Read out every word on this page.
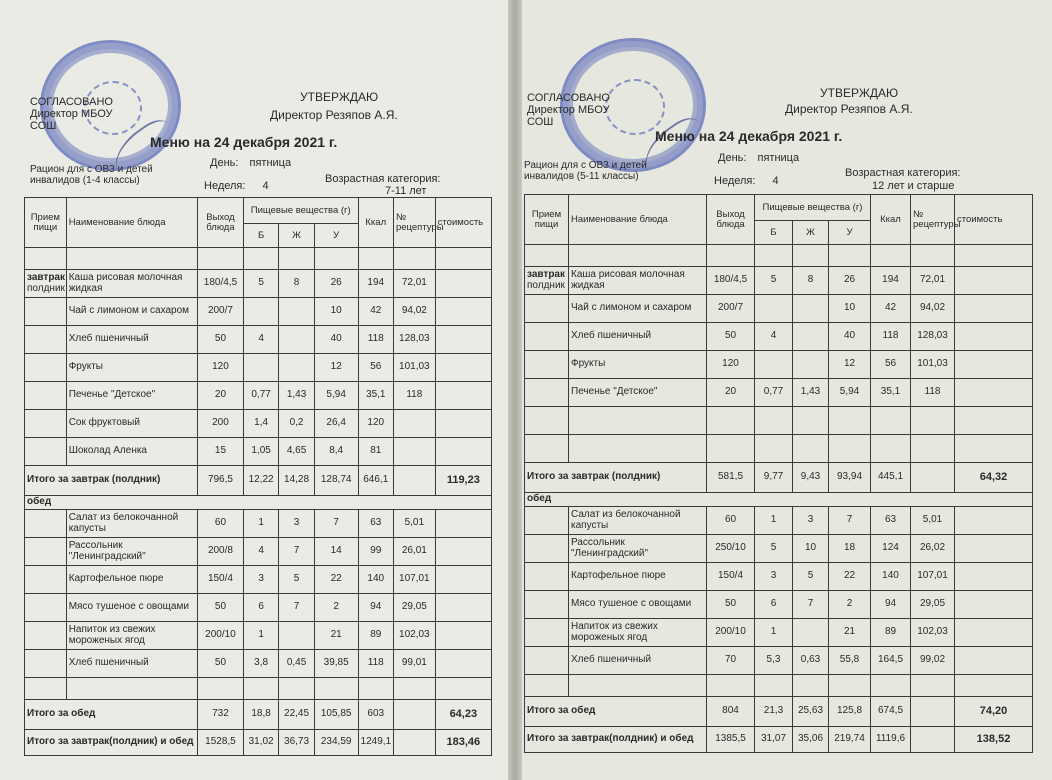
СОГЛАСОВАНО Директор МБОУ СОШ
УТВЕРЖДАЮ
Директор Резяпов А.Я.
Меню на 24 декабря 2021 г.
Рацион для с ОВЗ и детей инвалидов (1-4 классы)
День: пятница
Неделя: 4
Возрастная категория:
7-11 лет
Прием пищи	Наименование блюда	Выход блюда	Пищевые вещества (г)			Ккал	№ рецептуры	стоимость
			Б	Ж	У			

завтрак
полдник	Каша рисовая молочная жидкая	180/4,5	5	8	26	194	72,01	
	Чай с лимоном и сахаром	200/7			10	42	94,02	
	Хлеб пшеничный	50	4		40	118	128,03	
	Фрукты	120			12	56	101,03	
	Печенье "Детское"	20	0,77	1,43	5,94	35,1	118	
	Сок фруктовый	200	1,4	0,2	26,4	120		
	Шоколад Аленка	15	1,05	4,65	8,4	81		
Итого за завтрак (полдник)		796,5	12,22	14,28	128,74	646,1		119,23
обед								
	Салат из белокочанной капусты	60	1	3	7	63	5,01	
	Рассольник "Ленинградский"	200/8	4	7	14	99	26,01	
	Картофельное пюре	150/4	3	5	22	140	107,01	
	Мясо тушеное с овощами	50	6	7	2	94	29,05	
	Напиток из свежих мороженых ягод	200/10	1		21	89	102,03	
	Хлеб пшеничный	50	3,8	0,45	39,85	118	99,01	

Итого за обед		732	18,8	22,45	105,85	603		64,23
Итого за завтрак(полдник) и обед		1528,5	31,02	36,73	234,59	1249,1		183,46
СОГЛАСОВАНО Директор МБОУ СОШ
УТВЕРЖДАЮ
Директор Резяпов А.Я.
Меню на 24 декабря 2021 г.
Рацион для с ОВЗ и детей инвалидов (5-11 классы)
День: пятница
Неделя: 4
Возрастная категория:
12 лет и старше
Прием пищи	Наименование блюда	Выход блюда	Пищевые вещества (г)			Ккал	№ рецептуры	стоимость
			Б	Ж	У			

завтрак
полдник	Каша рисовая молочная жидкая	180/4,5	5	8	26	194	72,01	
	Чай с лимоном и сахаром	200/7			10	42	94,02	
	Хлеб пшеничный	50	4		40	118	128,03	
	Фрукты	120			12	56	101,03	
	Печенье "Детское"	20	0,77	1,43	5,94	35,1	118	

Итого за завтрак (полдник)		581,5	9,77	9,43	93,94	445,1		64,32
обед								
	Салат из белокочанной капусты	60	1	3	7	63	5,01	
	Рассольник "Ленинградский"	250/10	5	10	18	124	26,02	
	Картофельное пюре	150/4	3	5	22	140	107,01	
	Мясо тушеное с овощами	50	6	7	2	94	29,05	
	Напиток из свежих мороженых ягод	200/10	1		21	89	102,03	
	Хлеб пшеничный	70	5,3	0,63	55,8	164,5	99,02	

Итого за обед		804	21,3	25,63	125,8	674,5		74,20
Итого за завтрак(полдник) и обед		1385,5	31,07	35,06	219,74	1119,6		138,52
